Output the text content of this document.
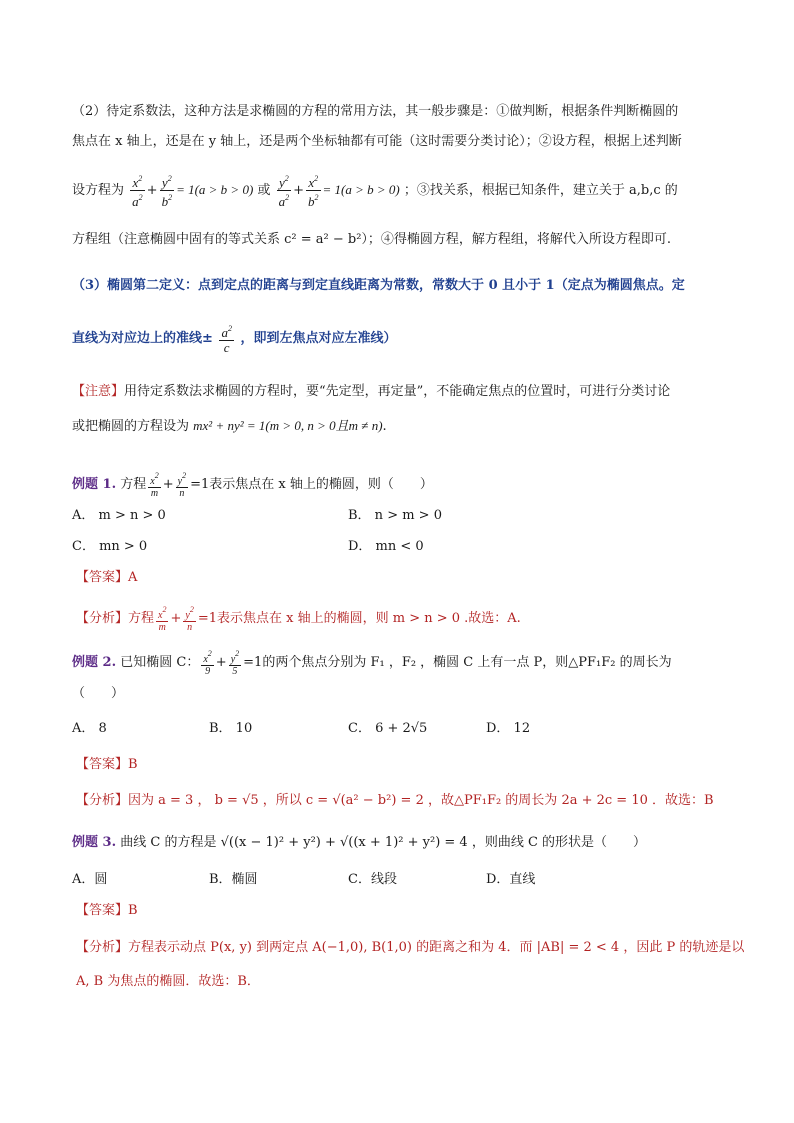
（2）待定系数法，这种方法是求椭圆的方程的常用方法，其一般步骤是：①做判断，根据条件判断椭圆的
焦点在 x 轴上，还是在 y 轴上，还是两个坐标轴都有可能（这时需要分类讨论）；②设方程，根据上述判断
设方程为 $\frac{x^2}{a^2} + \frac{y^2}{b^2} = 1(a > b > 0)$ 或 $\frac{y^2}{a^2} + \frac{x^2}{b^2} = 1(a > b > 0)$ ；③找关系，根据已知条件，建立关于 a,b,c 的
方程组（注意椭圆中固有的等式关系 c² = a² − b²）；④得椭圆方程，解方程组，将解代入所设方程即可.
（3）椭圆第二定义：点到定点的距离与到定直线距离为常数，常数大于 0 且小于 1（定点为椭圆焦点。定
直线为对应边上的准线± $\frac{a^2}{c}$ ，即到左焦点对应左准线）
【注意】用待定系数法求椭圆的方程时，要“先定型，再定量”，不能确定焦点的位置时，可进行分类讨论
或把椭圆的方程设为 mx² + ny² = 1(m > 0, n > 0且m ≠ n).
例题 1. 方程 $\frac{x^2}{m} + \frac{y^2}{n} =1$表示焦点在 x 轴上的椭圆，则（　　）
A． m > n > 0	B． n > m > 0
C． mn > 0	D． mn < 0
【答案】A
【分析】方程 $\frac{x^2}{m} + \frac{y^2}{n} =1$表示焦点在 x 轴上的椭圆，则 m > n > 0 .故选：A.
例题 2. 已知椭圆 C： $\frac{x^2}{9} + \frac{y^2}{5} =1$的两个焦点分别为 F₁ ，F₂ ，椭圆 C 上有一点 P，则△PF₁F₂ 的周长为
（　　）
A． 8	B． 10	C． 6 + 2√5	D． 12
【答案】B
【分析】因为 a = 3 ， b = √5 ，所以 c = √(a² − b²) = 2 ，故△PF₁F₂ 的周长为 2a + 2c = 10 ．故选：B
例题 3. 曲线 C 的方程是 √((x − 1)² + y²) + √((x + 1)² + y²) = 4 ，则曲线 C 的形状是（　　）
A．圆	B．椭圆	C．线段	D．直线
【答案】B
【分析】方程表示动点 P(x, y) 到两定点 A(−1,0), B(1,0) 的距离之和为 4．而 |AB| = 2 < 4 ，因此 P 的轨迹是以
A, B 为焦点的椭圆．故选：B．
